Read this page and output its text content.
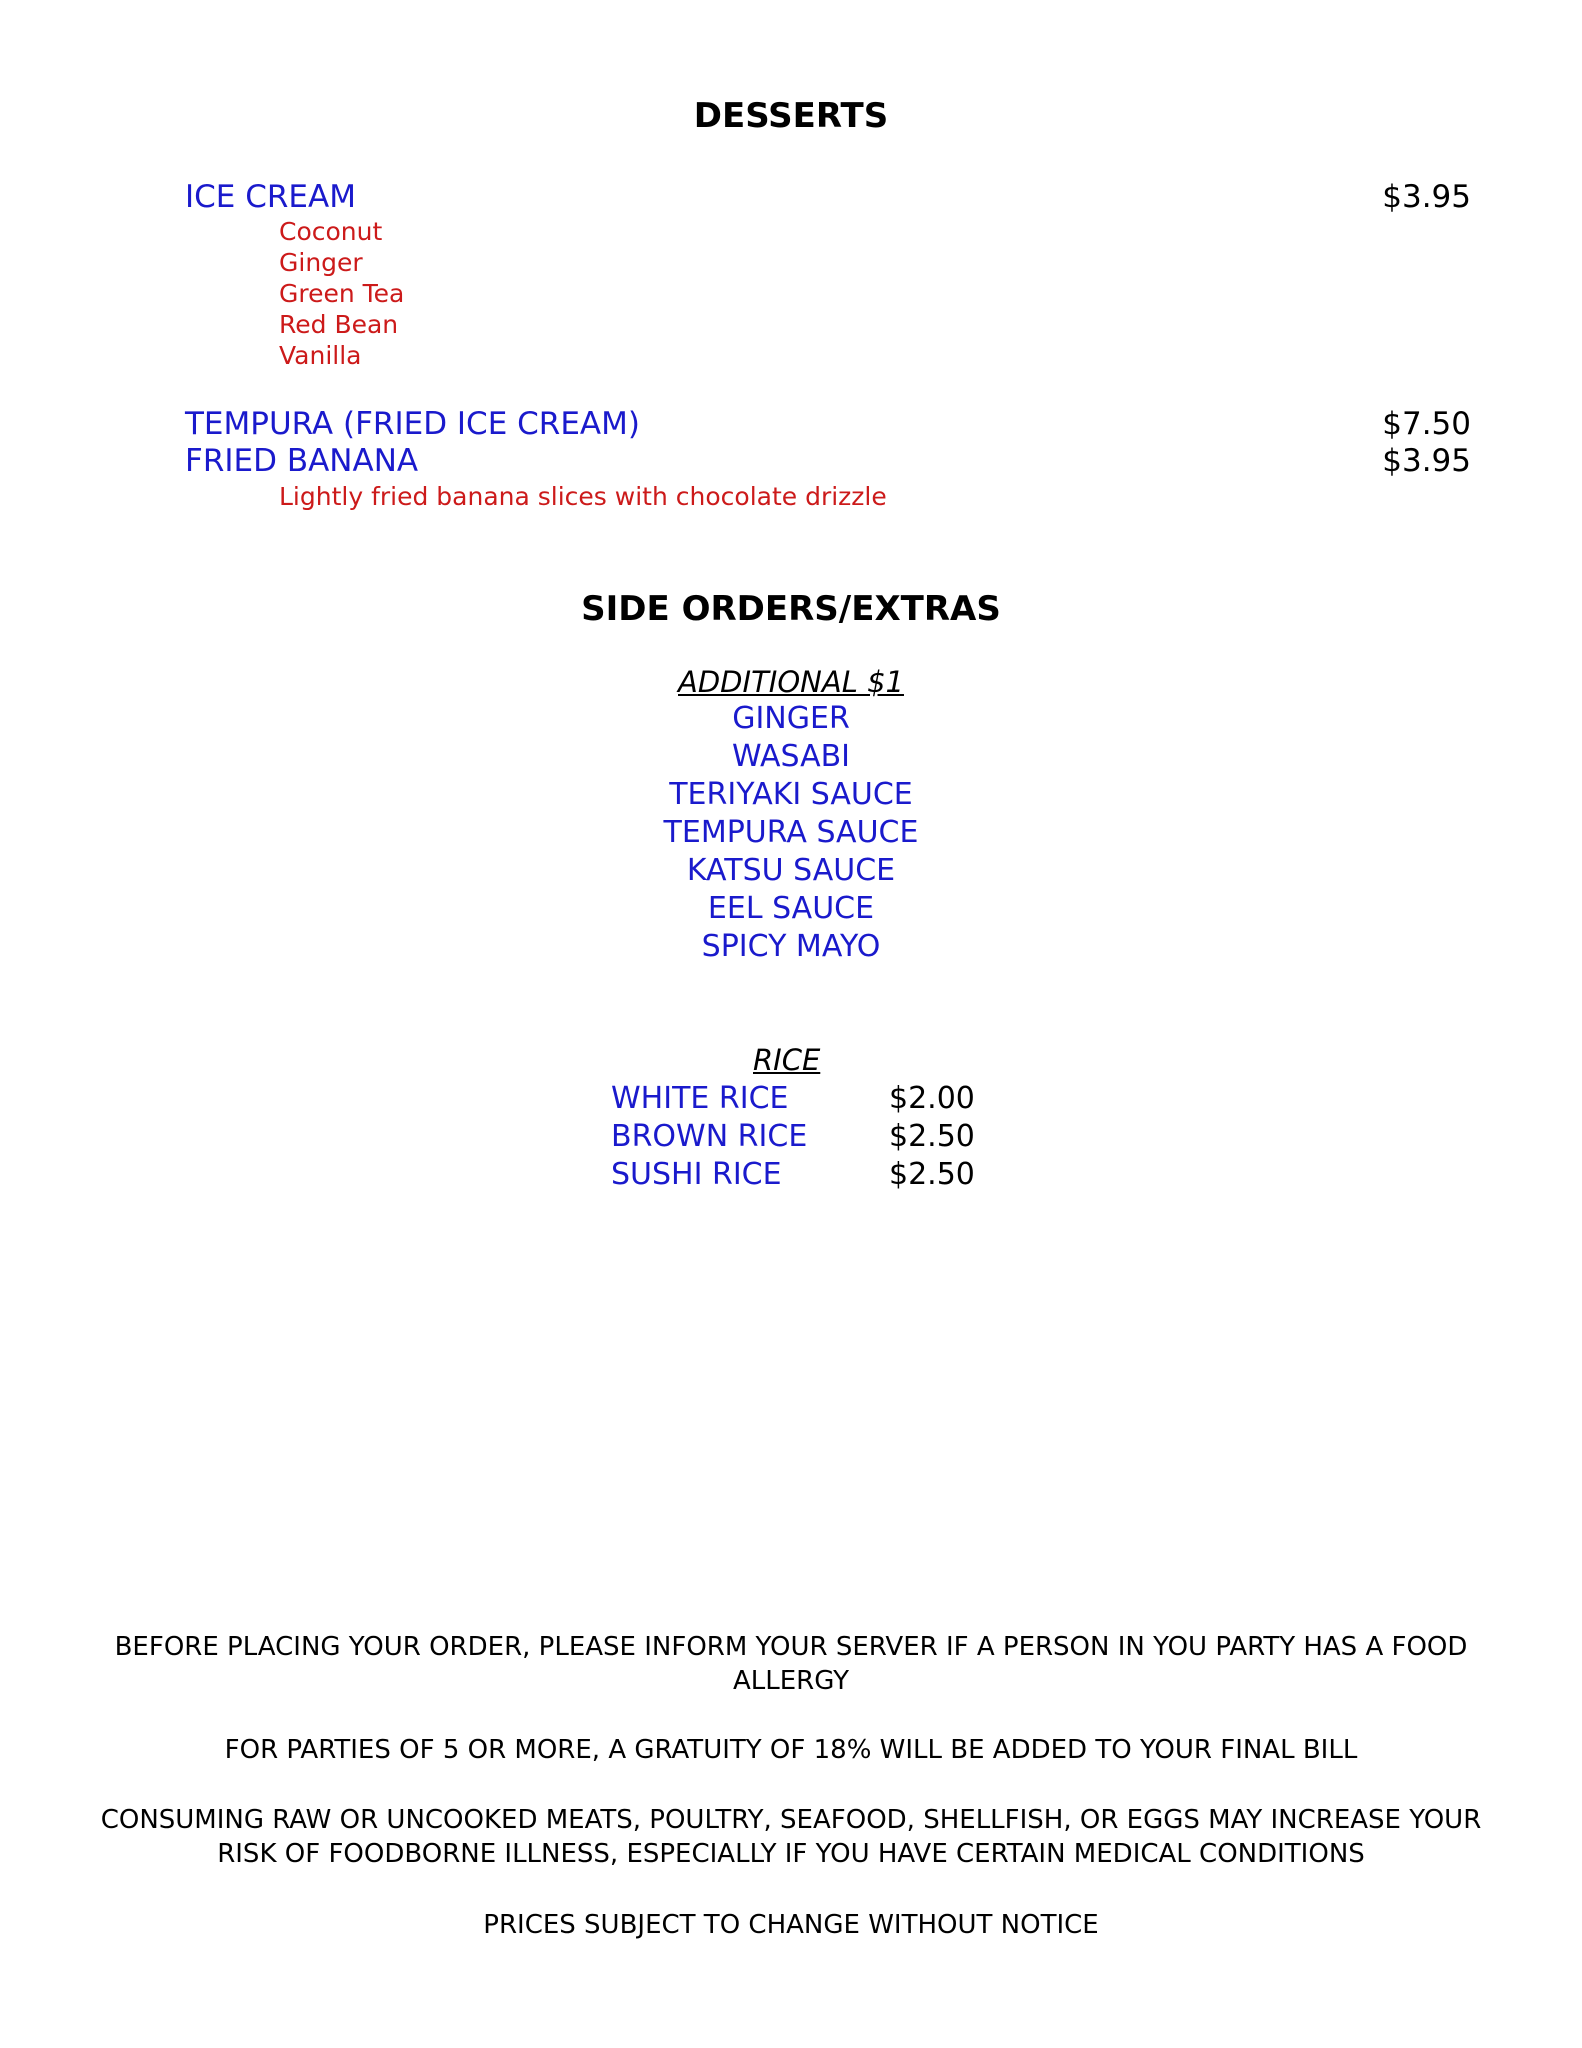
DESSERTS
ICE CREAM	$3.95
Coconut
Ginger
Green Tea
Red Bean
Vanilla
TEMPURA (FRIED ICE CREAM)	$7.50
FRIED BANANA	$3.95
Lightly fried banana slices with chocolate drizzle
SIDE ORDERS/EXTRAS
ADDITIONAL $1
GINGER
WASABI
TERIYAKI SAUCE
TEMPURA SAUCE
KATSU SAUCE
EEL SAUCE
SPICY MAYO
RICE
WHITE RICE	$2.00
BROWN RICE	$2.50
SUSHI RICE	$2.50
BEFORE PLACING YOUR ORDER, PLEASE INFORM YOUR SERVER IF A PERSON IN YOU PARTY HAS A FOOD ALLERGY
FOR PARTIES OF 5 OR MORE, A GRATUITY OF 18% WILL BE ADDED TO YOUR FINAL BILL
CONSUMING RAW OR UNCOOKED MEATS, POULTRY, SEAFOOD, SHELLFISH, OR EGGS MAY INCREASE YOUR RISK OF FOODBORNE ILLNESS, ESPECIALLY IF YOU HAVE CERTAIN MEDICAL CONDITIONS
PRICES SUBJECT TO CHANGE WITHOUT NOTICE
